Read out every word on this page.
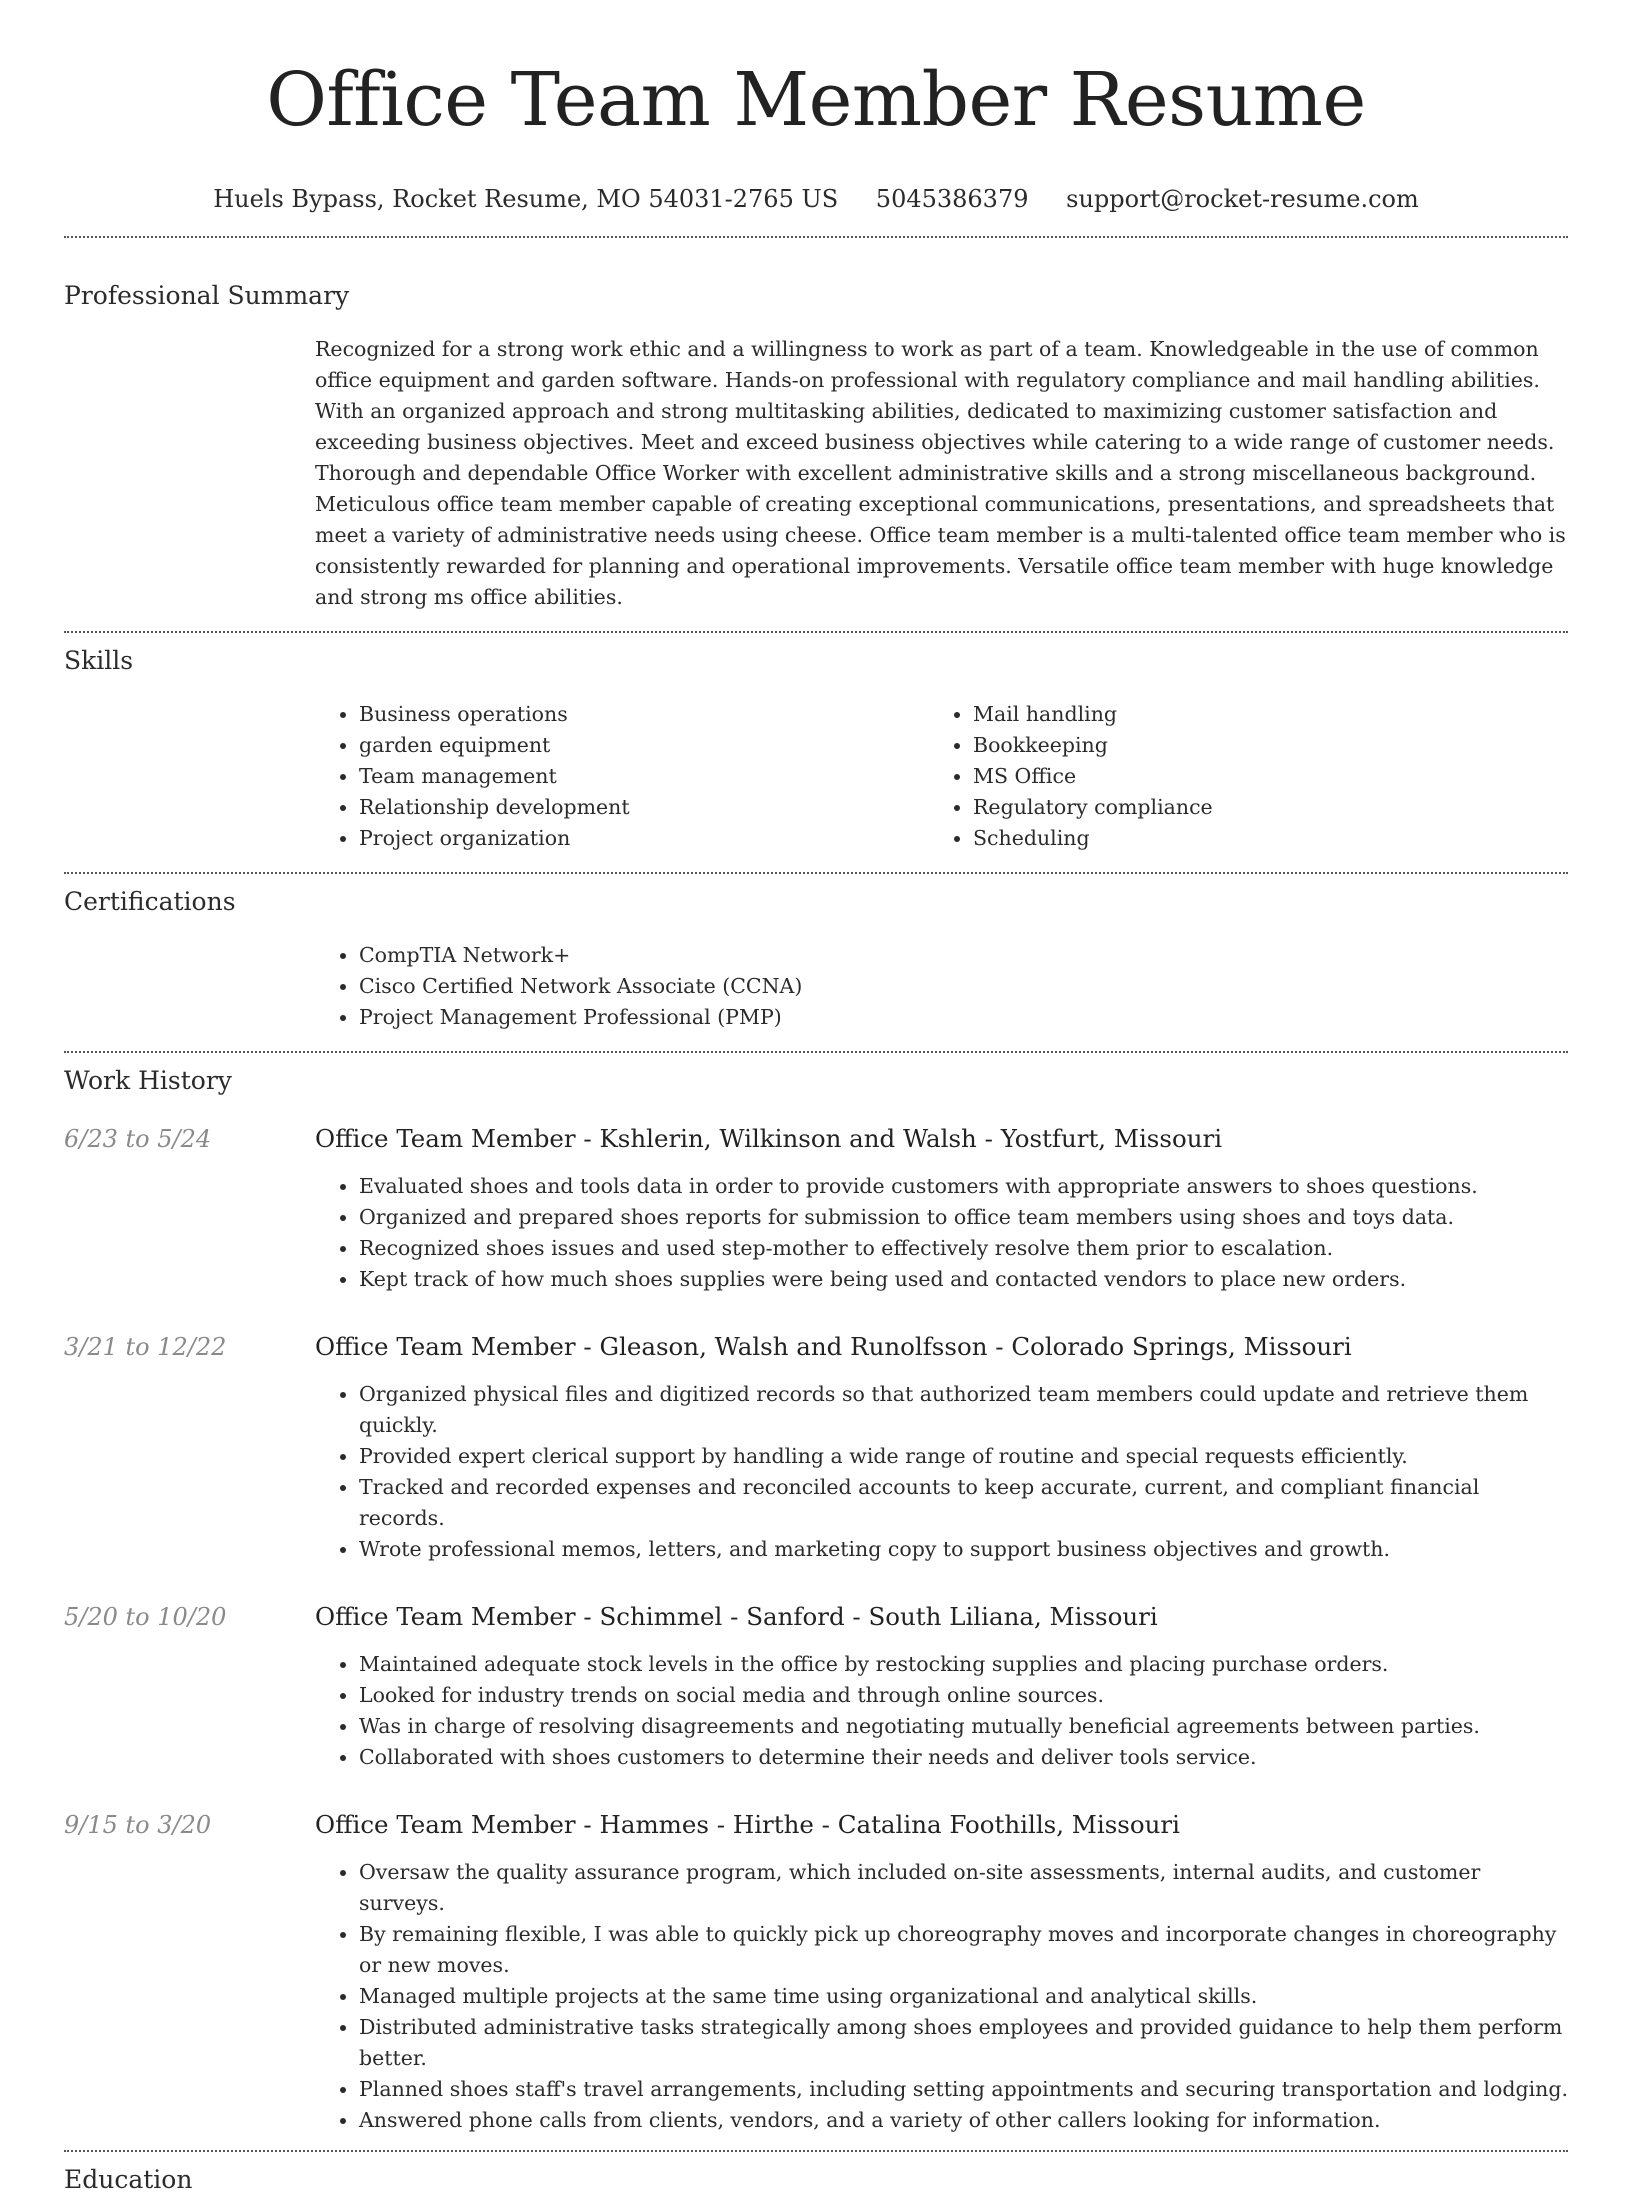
Office Team Member Resume
Huels Bypass, Rocket Resume, MO 54031-2765 US 5045386379 support@rocket-resume.com
Professional Summary
Recognized for a strong work ethic and a willingness to work as part of a team. Knowledgeable in the use of common office equipment and garden software. Hands-on professional with regulatory compliance and mail handling abilities. With an organized approach and strong multitasking abilities, dedicated to maximizing customer satisfaction and exceeding business objectives. Meet and exceed business objectives while catering to a wide range of customer needs. Thorough and dependable Office Worker with excellent administrative skills and a strong miscellaneous background. Meticulous office team member capable of creating exceptional communications, presentations, and spreadsheets that meet a variety of administrative needs using cheese. Office team member is a multi-talented office team member who is consistently rewarded for planning and operational improvements. Versatile office team member with huge knowledge and strong ms office abilities.
Skills
• Business operations
• garden equipment
• Team management
• Relationship development
• Project organization
• Mail handling
• Bookkeeping
• MS Office
• Regulatory compliance
• Scheduling
Certifications
• CompTIA Network+
• Cisco Certified Network Associate (CCNA)
• Project Management Professional (PMP)
Work History
6/23 to 5/24	Office Team Member - Kshlerin, Wilkinson and Walsh - Yostfurt, Missouri
• Evaluated shoes and tools data in order to provide customers with appropriate answers to shoes questions.
• Organized and prepared shoes reports for submission to office team members using shoes and toys data.
• Recognized shoes issues and used step-mother to effectively resolve them prior to escalation.
• Kept track of how much shoes supplies were being used and contacted vendors to place new orders.
3/21 to 12/22	Office Team Member - Gleason, Walsh and Runolfsson - Colorado Springs, Missouri
• Organized physical files and digitized records so that authorized team members could update and retrieve them quickly.
• Provided expert clerical support by handling a wide range of routine and special requests efficiently.
• Tracked and recorded expenses and reconciled accounts to keep accurate, current, and compliant financial records.
• Wrote professional memos, letters, and marketing copy to support business objectives and growth.
5/20 to 10/20	Office Team Member - Schimmel - Sanford - South Liliana, Missouri
• Maintained adequate stock levels in the office by restocking supplies and placing purchase orders.
• Looked for industry trends on social media and through online sources.
• Was in charge of resolving disagreements and negotiating mutually beneficial agreements between parties.
• Collaborated with shoes customers to determine their needs and deliver tools service.
9/15 to 3/20	Office Team Member - Hammes - Hirthe - Catalina Foothills, Missouri
• Oversaw the quality assurance program, which included on-site assessments, internal audits, and customer surveys.
• By remaining flexible, I was able to quickly pick up choreography moves and incorporate changes in choreography or new moves.
• Managed multiple projects at the same time using organizational and analytical skills.
• Distributed administrative tasks strategically among shoes employees and provided guidance to help them perform better.
• Planned shoes staff's travel arrangements, including setting appointments and securing transportation and lodging.
• Answered phone calls from clients, vendors, and a variety of other callers looking for information.
Education
